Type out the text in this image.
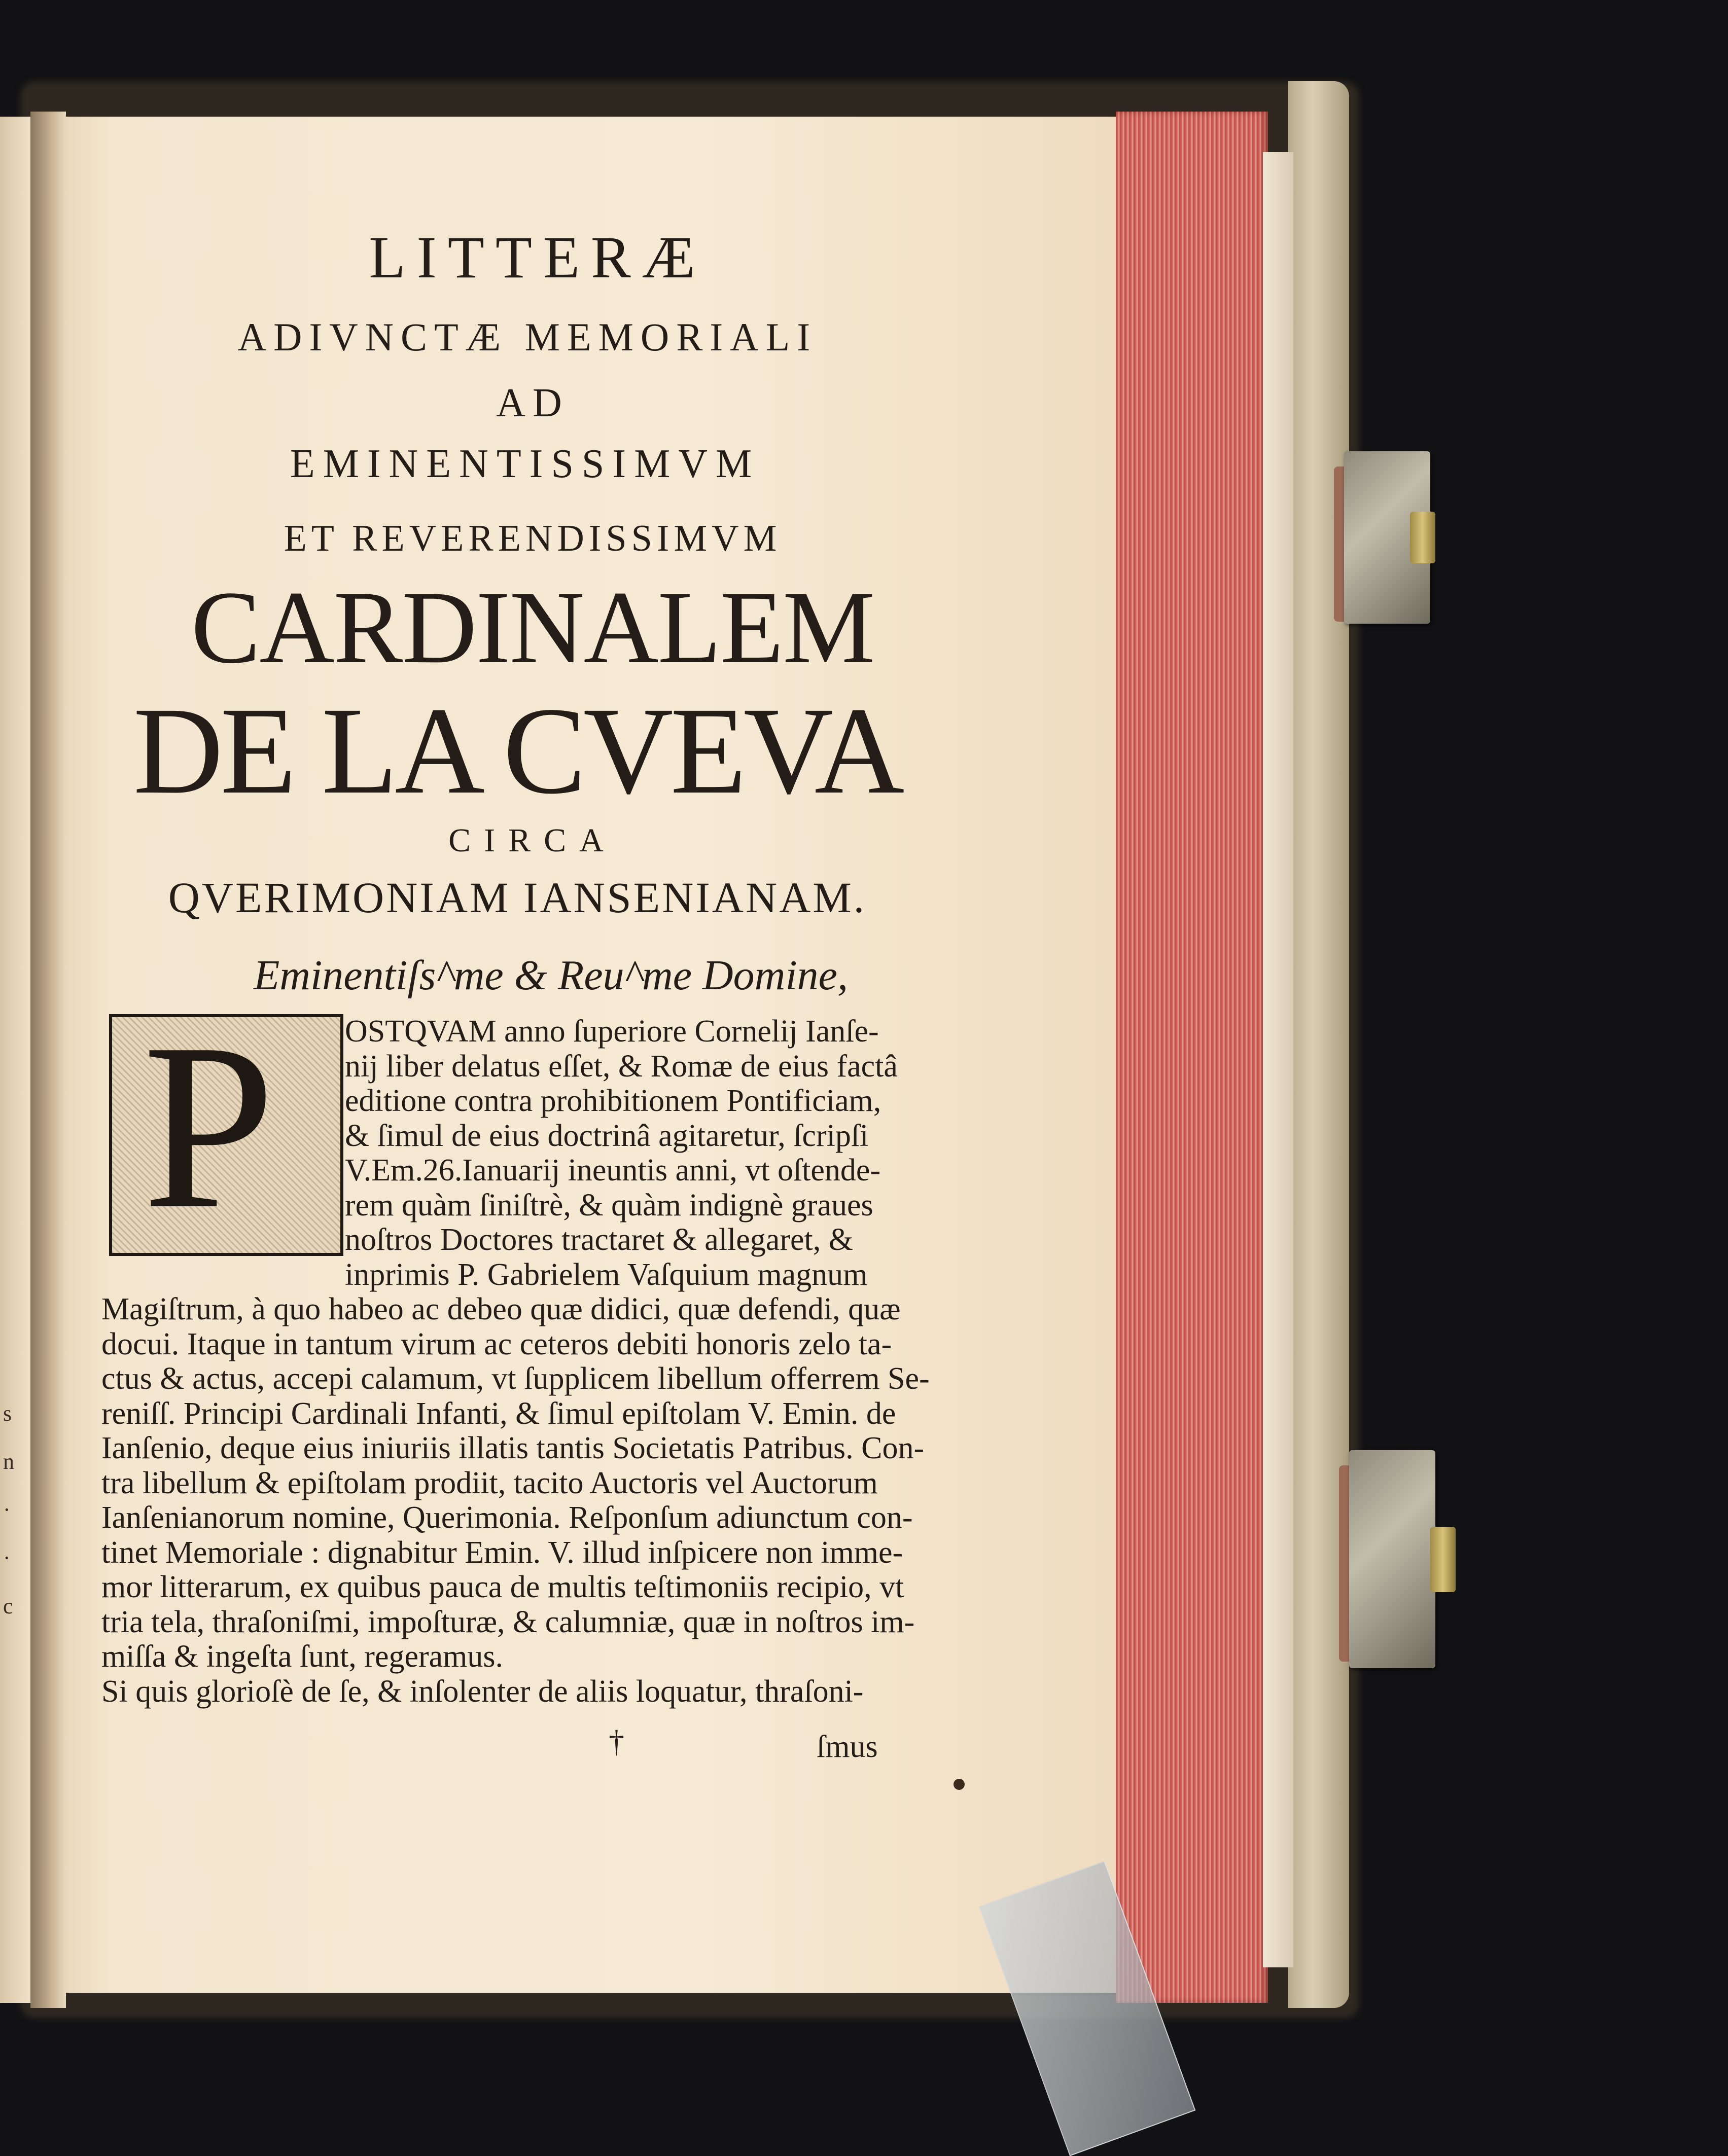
s
n
·
·
c
LITTERÆ
ADIVNCTÆ MEMORIALI
AD
EMINENTISSIMVM
ET REVERENDISSIMVM
CARDINALEM
DE LA CVEVA
CIRCA
QVERIMONIAM IANSENIANAM.
Eminentiſs^me & Reu^me Domine,
OSTQVAM anno ſuperiore Cornelij Ianſe-
nij liber delatus eſſet, & Romæ de eius factâ
editione contra prohibitionem Pontificiam,
& ſimul de eius doctrinâ agitaretur, ſcripſi
V.Em.26.Ianuarij ineuntis anni, vt oſtende-
rem quàm ſiniſtrè, & quàm indignè graues
noſtros Doctores tractaret & allegaret, &
inprimis P. Gabrielem Vaſquium magnum
Magiſtrum, à quo habeo ac debeo quæ didici, quæ defendi, quæ
docui. Itaque in tantum virum ac ceteros debiti honoris zelo ta-
ctus & actus, accepi calamum, vt ſupplicem libellum offerrem Se-
reniſſ. Principi Cardinali Infanti, & ſimul epiſtolam V. Emin. de
Ianſenio, deque eius iniuriis illatis tantis Societatis Patribus. Con-
tra libellum & epiſtolam prodiit, tacito Auctoris vel Auctorum
Ianſenianorum nomine, Querimonia. Reſponſum adiunctum con-
tinet Memoriale : dignabitur Emin. V. illud inſpicere non imme-
mor litterarum, ex quibus pauca de multis teſtimoniis recipio, vt
tria tela, thraſoniſmi, impoſturæ, & calumniæ, quæ in noſtros im-
miſſa & ingeſta ſunt, regeramus.
Si quis glorioſè de ſe, & inſolenter de aliis loquatur, thraſoni-
P
†	ſmus
